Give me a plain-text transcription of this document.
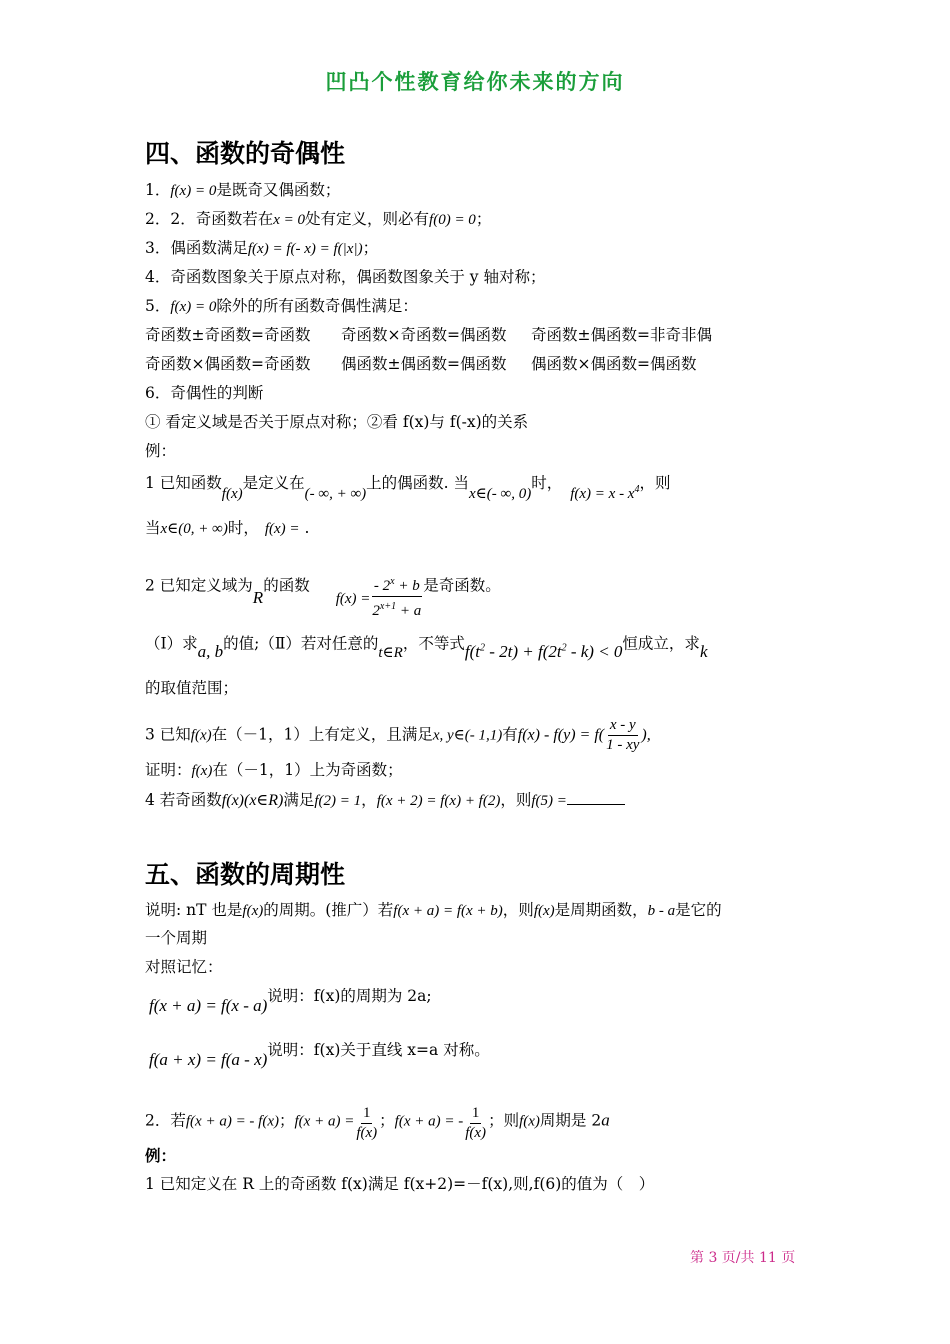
凹凸个性教育给你未来的方向
四、函数的奇偶性
1．f(x) = 0是既奇又偶函数；
2．2．奇函数若在x = 0处有定义，则必有f(0) = 0；
3．偶函数满足f(x) = f(- x) = f(|x|)；
4．奇函数图象关于原点对称，偶函数图象关于 y 轴对称；
5．f(x) = 0除外的所有函数奇偶性满足：
奇函数±奇函数=奇函数 奇函数×奇函数=偶函数 奇函数±偶函数=非奇非偶
奇函数×偶函数=奇函数 偶函数±偶函数=偶函数 偶函数×偶函数=偶函数
6．奇偶性的判断
① 看定义域是否关于原点对称；②看 f(x)与 f(-x)的关系
例：
1 已知函数f(x)是定义在(- ∞, + ∞)上的偶函数. 当x∈(- ∞, 0)时，$f(x) = x - x^4$，则
当x∈(0, + ∞)时， f(x) = .
2 已知定义域为R的函数$f(x) = \frac{- 2^x + b}{2^{x+1} + a}$ 是奇函数。
（Ⅰ）求a, b的值;（Ⅱ）若对任意的t∈R，不等式$f(t^2 - 2t) + f(2t^2 - k) < 0$恒成立，求k
的取值范围；
3 已知f(x)在（－1，1）上有定义，且满足x, y∈(- 1,1)有$f(x) - f(y) = f( \frac{x - y}{1 - xy}$ ),
证明：f(x)在（－1，1）上为奇函数；
4 若奇函数f(x)(x∈R)满足f(2) = 1，f(x + 2) = f(x) + f(2)，则f(5) =
五、函数的周期性
说明: nT 也是f(x)的周期。(推广）若f(x + a) = f(x + b)，则f(x)是周期函数，b - a是它的
一个周期
对照记忆：
f(x + a) = f(x - a)说明：f(x)的周期为 2a;
f(a + x) = f(a - x)说明：f(x)关于直线 x=a 对称。
2．若f(x + a) = - f(x)；$f(x + a) = \frac{1}{f(x)}$ ；f(x + a) = - $\frac{1}{f(x)}$ ；则f(x)周期是 2a
例：
1 已知定义在 R 上的奇函数 f(x)满足 f(x+2)=－f(x),则,f(6)的值为（　）
第 3 页/共 11 页
